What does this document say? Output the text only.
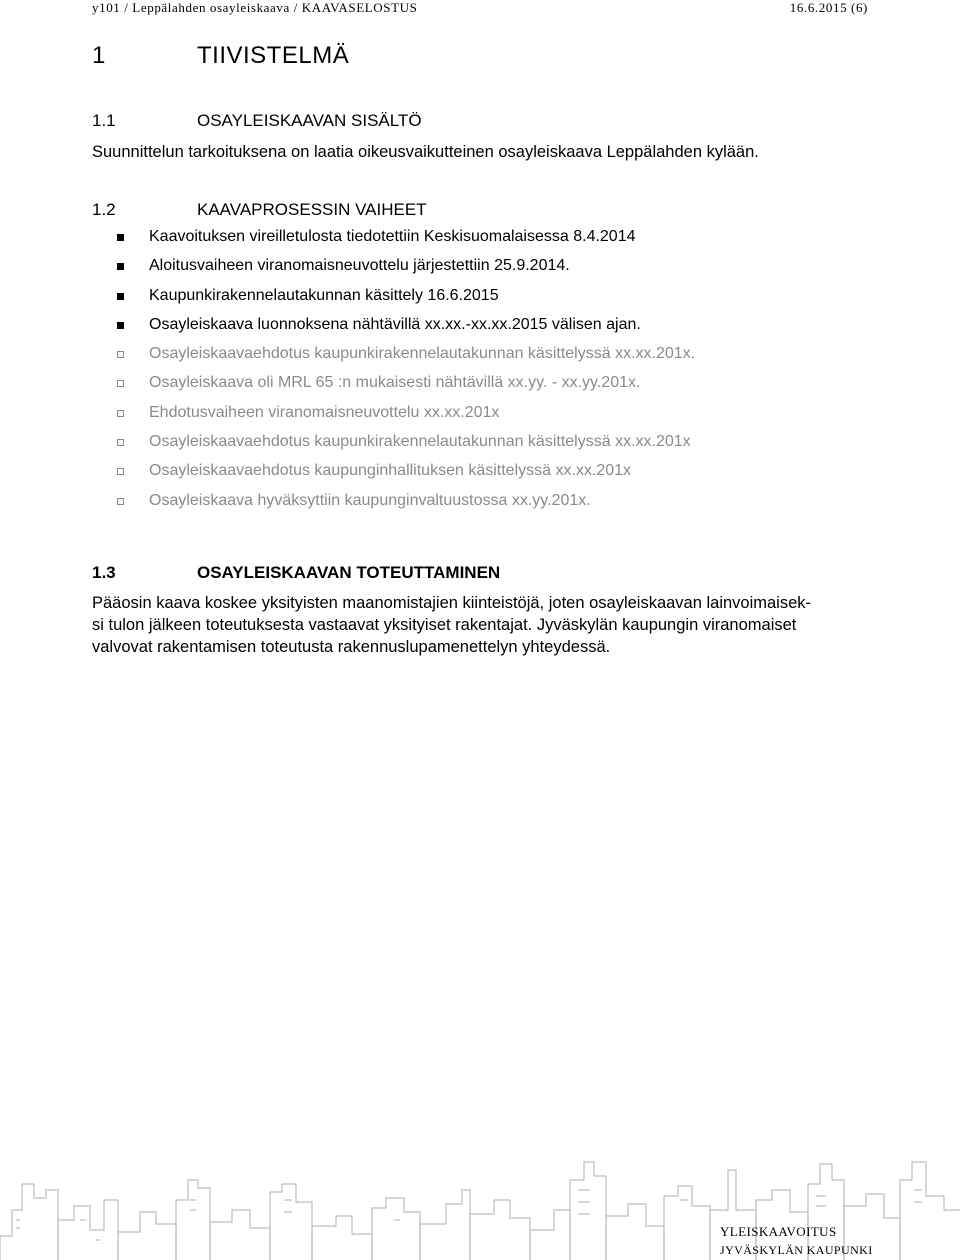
y101 / Leppälahden osayleiskaava / KAAVASELOSTUS	16.6.2015 (6)
1	TIIVISTELMÄ
1.1	OSAYLEISKAAVAN SISÄLTÖ
Suunnittelun tarkoituksena on laatia oikeusvaikutteinen osayleiskaava Leppälahden kylään.
1.2	KAAVAPROSESSIN VAIHEET
Kaavoituksen vireilletulosta tiedotettiin Keskisuomalaisessa 8.4.2014
Aloitusvaiheen viranomaisneuvottelu järjestettiin 25.9.2014.
Kaupunkirakennelautakunnan käsittely 16.6.2015
Osayleiskaava luonnoksena nähtävillä xx.xx.-xx.xx.2015 välisen ajan.
Osayleiskaavaehdotus kaupunkirakennelautakunnan käsittelyssä xx.xx.201x.
Osayleiskaava oli MRL 65 :n mukaisesti nähtävillä xx.yy. - xx.yy.201x.
Ehdotusvaiheen viranomaisneuvottelu xx.xx.201x
Osayleiskaavaehdotus kaupunkirakennelautakunnan käsittelyssä xx.xx.201x
Osayleiskaavaehdotus kaupunginhallituksen käsittelyssä xx.xx.201x
Osayleiskaava hyväksyttiin kaupunginvaltuustossa xx.yy.201x.
1.3	OSAYLEISKAAVAN TOTEUTTAMINEN
Pääosin kaava koskee yksityisten maanomistajien kiinteistöjä, joten osayleiskaavan lainvoimaisek-
si tulon jälkeen toteutuksesta vastaavat yksityiset rakentajat. Jyväskylän kaupungin viranomaiset
valvovat rakentamisen toteutusta rakennuslupamenettelyn yhteydessä.
YLEISKAAVOITUS
JYVÄSKYLÄN KAUPUNKI
